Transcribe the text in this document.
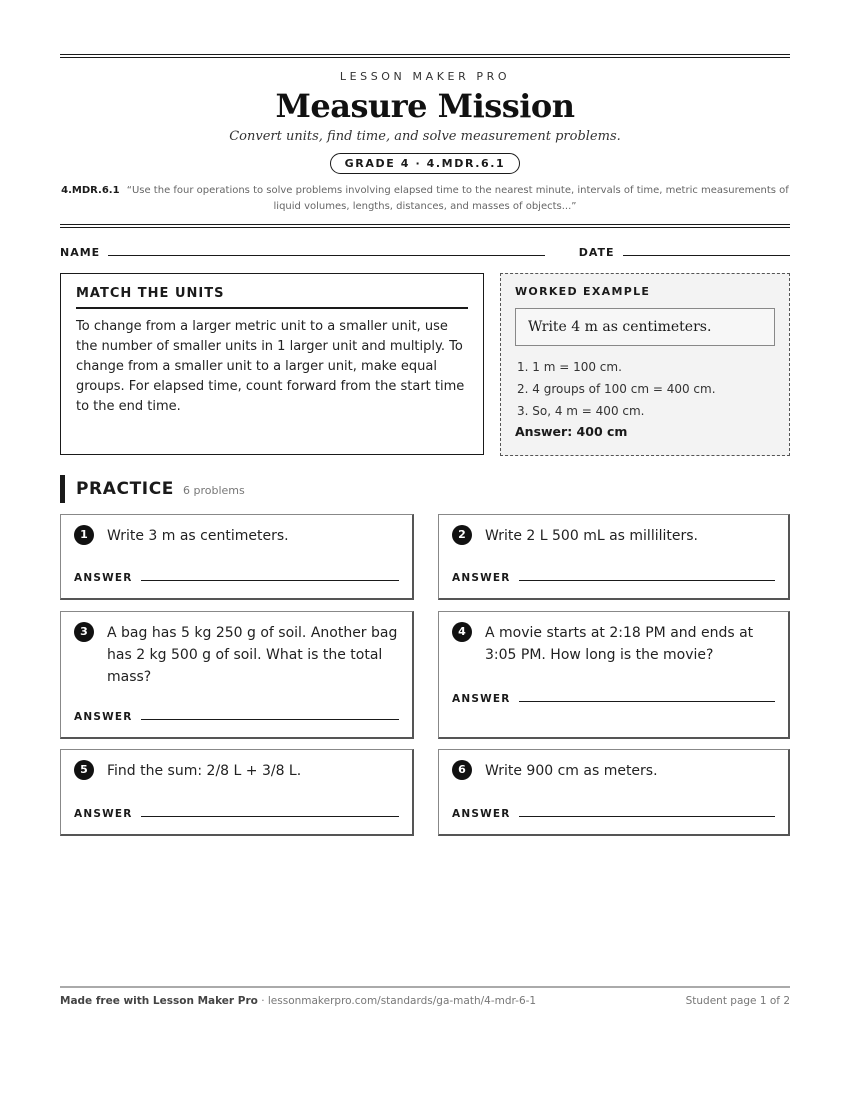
LESSON MAKER PRO
Measure Mission
Convert units, find time, and solve measurement problems.
GRADE 4 · 4.MDR.6.1
4.MDR.6.1 “Use the four operations to solve problems involving elapsed time to the nearest minute, intervals of time, metric measurements of liquid volumes, lengths, distances, and masses of objects...”
NAME	DATE
MATCH THE UNITS

To change from a larger metric unit to a smaller unit, use the number of smaller units in 1 larger unit and multiply. To change from a smaller unit to a larger unit, make equal groups. For elapsed time, count forward from the start time to the end time.

WORKED EXAMPLE
Write 4 m as centimeters.
1. 1 m = 100 cm.
2. 4 groups of 100 cm = 400 cm.
3. So, 4 m = 400 cm.
Answer: 400 cm
PRACTICE 6 problems
1	Write 3 m as centimeters.
ANSWER
2	Write 2 L 500 mL as milliliters.
ANSWER
3	A bag has 5 kg 250 g of soil. Another bag has 2 kg 500 g of soil. What is the total mass?
ANSWER
4	A movie starts at 2:18 PM and ends at 3:05 PM. How long is the movie?
ANSWER
5	Find the sum: 2/8 L + 3/8 L.
ANSWER
6	Write 900 cm as meters.
ANSWER
Made free with Lesson Maker Pro · lessonmakerpro.com/standards/ga-math/4-mdr-6-1	Student page 1 of 2
